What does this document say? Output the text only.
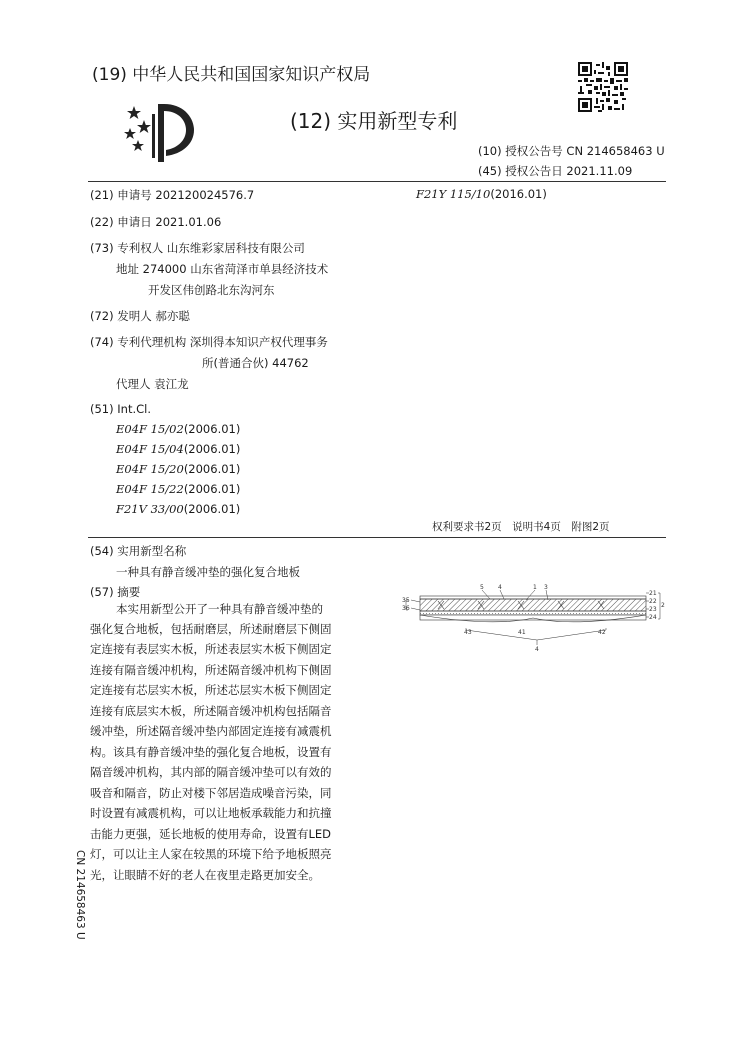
(19) 中华人民共和国国家知识产权局
(12) 实用新型专利
(10) 授权公告号 CN 214658463 U
(45) 授权公告日 2021.11.09
(21) 申请号 202120024576.7	F21Y 115/10(2016.01)
(22) 申请日 2021.01.06
(73) 专利权人 山东维彩家居科技有限公司
地址 274000 山东省菏泽市单县经济技术
开发区伟创路北东沟河东
(72) 发明人 郝亦聪
(74) 专利代理机构 深圳得本知识产权代理事务
所(普通合伙) 44762
代理人 袁江龙
(51) Int.Cl.
E04F 15/02(2006.01)
E04F 15/04(2006.01)
E04F 15/20(2006.01)
E04F 15/22(2006.01)
F21V 33/00(2006.01)
权利要求书2页　说明书4页　附图2页
(54) 实用新型名称
一种具有静音缓冲垫的强化复合地板
(57) 摘要
本实用新型公开了一种具有静音缓冲垫的
强化复合地板，包括耐磨层，所述耐磨层下侧固
定连接有表层实木板，所述表层实木板下侧固定
连接有隔音缓冲机构，所述隔音缓冲机构下侧固
定连接有芯层实木板，所述芯层实木板下侧固定
连接有底层实木板，所述隔音缓冲机构包括隔音
缓冲垫，所述隔音缓冲垫内部固定连接有减震机
构。该具有静音缓冲垫的强化复合地板，设置有
隔音缓冲机构，其内部的隔音缓冲垫可以有效的
吸音和隔音，防止对楼下邻居造成噪音污染，同
时设置有减震机构，可以让地板承载能力和抗撞
击能力更强，延长地板的使用寿命，设置有LED
灯，可以让主人家在较黑的环境下给予地板照亮
光，让眼睛不好的老人在夜里走路更加安全。
5 4	1 3
35
36
21
22
23
24
2
43	41	42
4
CN 214658463 U
